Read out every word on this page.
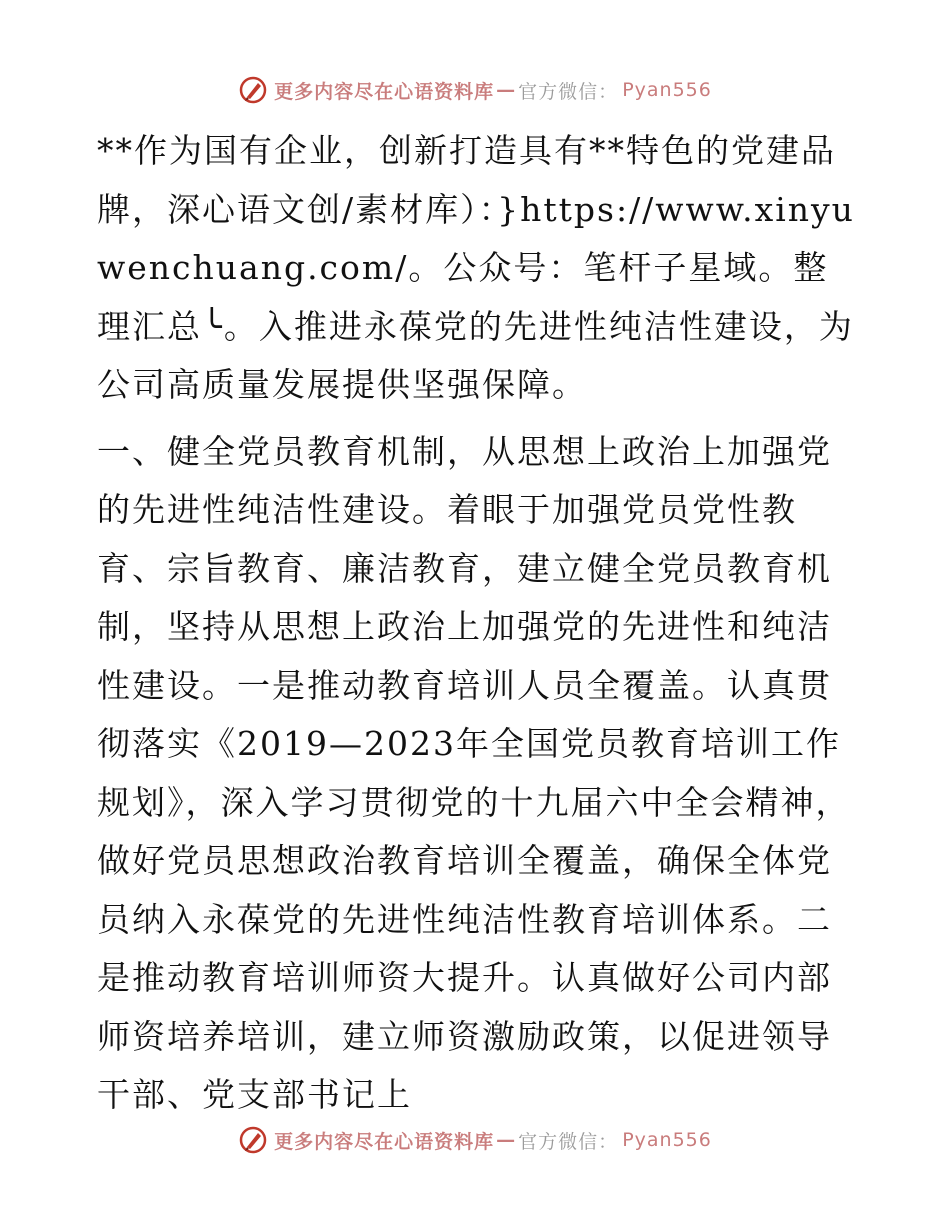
更多内容尽在心语资料库 — 官方微信： Pyan556

**作为国有企业，创新打造具有**特色的党建品牌，深心语文创/素材库）：}https://www.xinyuwenchuang.com/。公众号：笔杆子星域。整理汇总╰。入推进永葆党的先进性纯洁性建设，为公司高质量发展提供坚强保障。

一、健全党员教育机制，从思想上政治上加强党的先进性纯洁性建设。着眼于加强党员党性教育、宗旨教育、廉洁教育，建立健全党员教育机制，坚持从思想上政治上加强党的先进性和纯洁性建设。一是推动教育培训人员全覆盖。认真贯彻落实《2019—2023年全国党员教育培训工作规划》，深入学习贯彻党的十九届六中全会精神，做好党员思想政治教育培训全覆盖，确保全体党员纳入永葆党的先进性纯洁性教育培训体系。二是推动教育培训师资大提升。认真做好公司内部师资培养培训，建立师资激励政策，以促进领导干部、党支部书记上

更多内容尽在心语资料库 — 官方微信： Pyan556
